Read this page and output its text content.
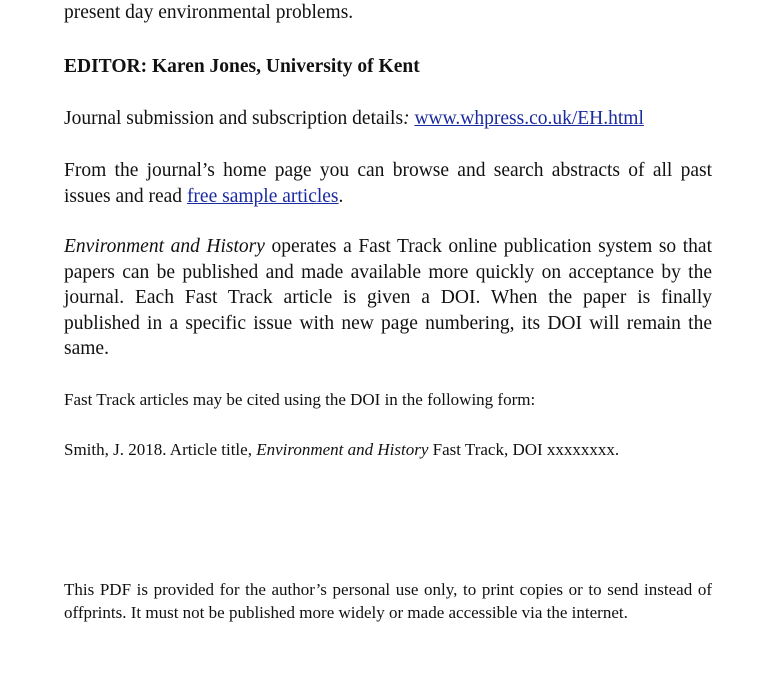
present day environmental problems.

EDITOR: Karen Jones, University of Kent

Journal submission and subscription details: www.whpress.co.uk/EH.html

From the journal’s home page you can browse and search abstracts of all past issues and read free sample articles.

Environment and History operates a Fast Track online publication system so that papers can be published and made available more quickly on acceptance by the journal. Each Fast Track article is given a DOI. When the paper is finally published in a specific issue with new page numbering, its DOI will remain the same.

Fast Track articles may be cited using the DOI in the following form:

Smith, J. 2018. Article title, Environment and History Fast Track, DOI xxxxxxxx.

This PDF is provided for the author’s personal use only, to print copies or to send instead of offprints. It must not be published more widely or made accessible via the internet.
